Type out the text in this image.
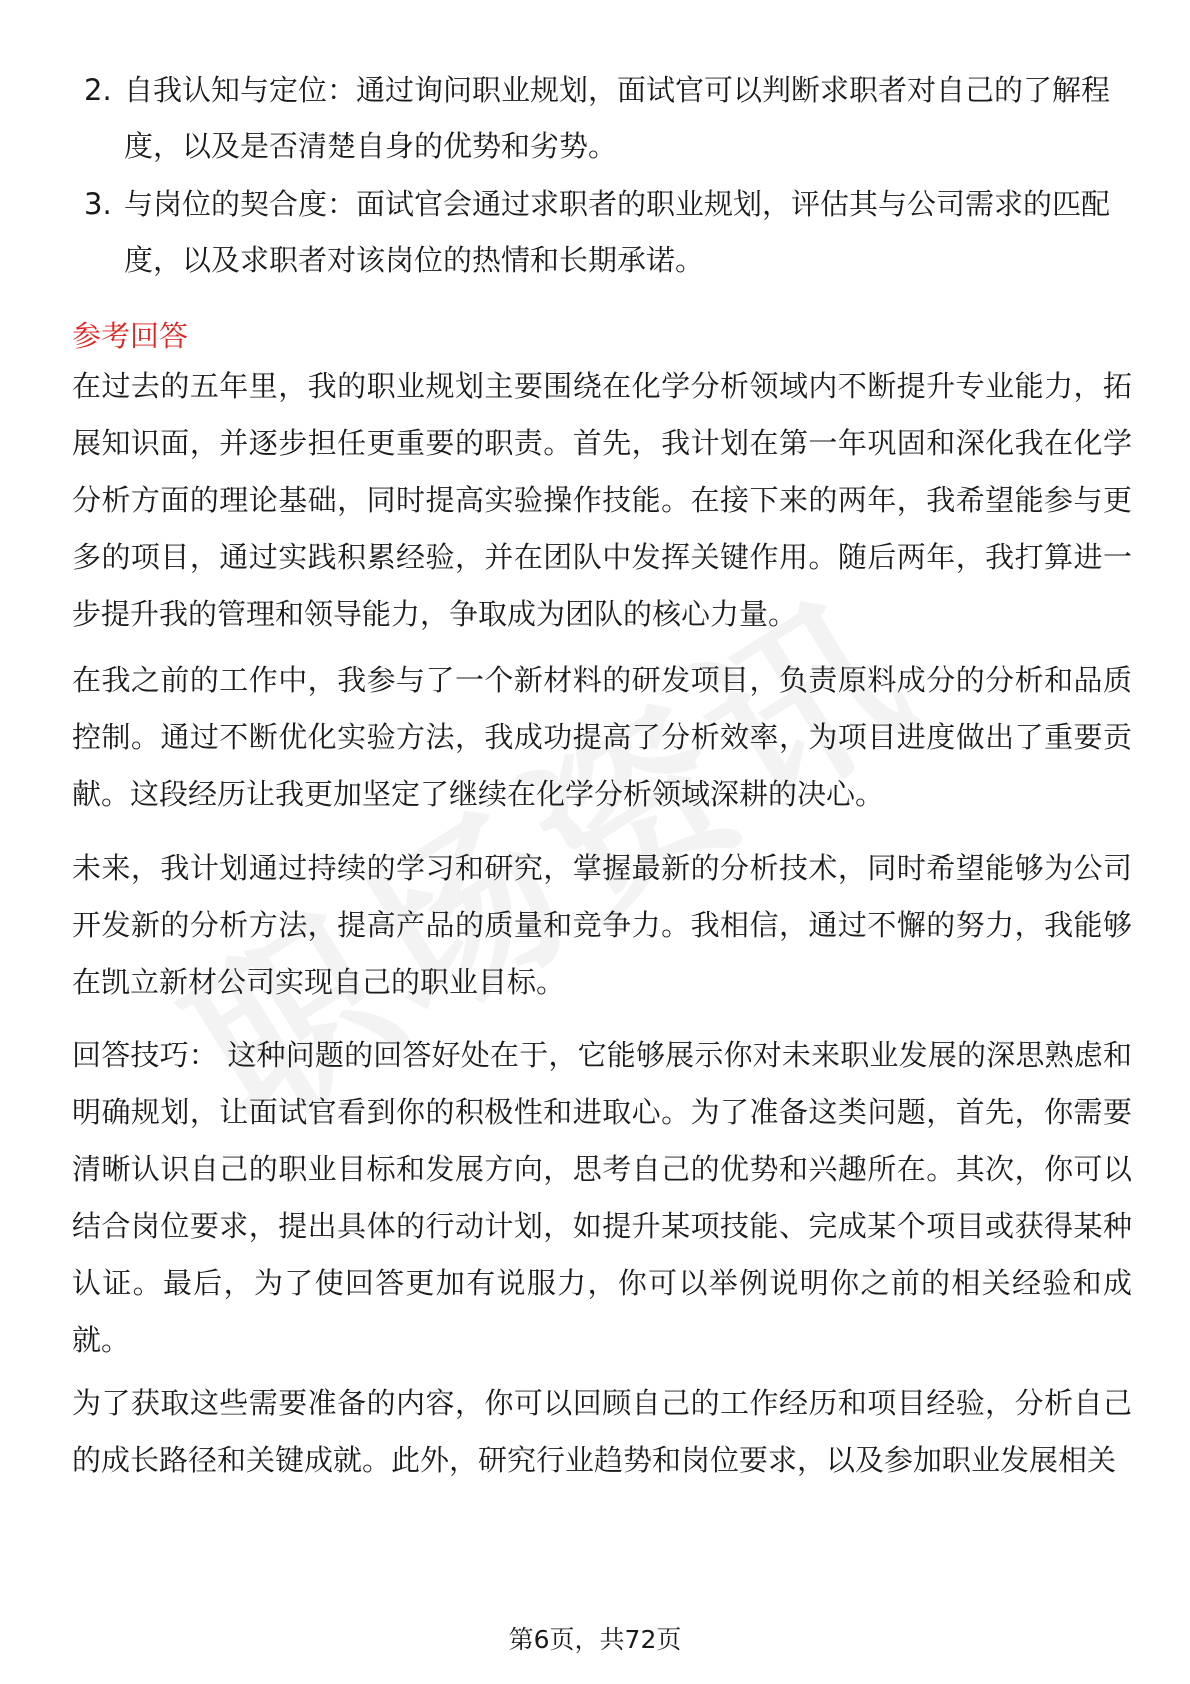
2. 自我认知与定位：通过询问职业规划，面试官可以判断求职者对自己的了解程度，以及是否清楚自身的优势和劣势。
3. 与岗位的契合度：面试官会通过求职者的职业规划，评估其与公司需求的匹配度，以及求职者对该岗位的热情和长期承诺。
参考回答

在过去的五年里，我的职业规划主要围绕在化学分析领域内不断提升专业能力，拓展知识面，并逐步担任更重要的职责。首先，我计划在第一年巩固和深化我在化学分析方面的理论基础，同时提高实验操作技能。在接下来的两年，我希望能参与更多的项目，通过实践积累经验，并在团队中发挥关键作用。随后两年，我打算进一步提升我的管理和领导能力，争取成为团队的核心力量。

在我之前的工作中，我参与了一个新材料的研发项目，负责原料成分的分析和品质控制。通过不断优化实验方法，我成功提高了分析效率，为项目进度做出了重要贡献。这段经历让我更加坚定了继续在化学分析领域深耕的决心。

未来，我计划通过持续的学习和研究，掌握最新的分析技术，同时希望能够为公司开发新的分析方法，提高产品的质量和竞争力。我相信，通过不懈的努力，我能够在凯立新材公司实现自己的职业目标。

回答技巧： 这种问题的回答好处在于，它能够展示你对未来职业发展的深思熟虑和明确规划，让面试官看到你的积极性和进取心。为了准备这类问题，首先，你需要清晰认识自己的职业目标和发展方向，思考自己的优势和兴趣所在。其次，你可以结合岗位要求，提出具体的行动计划，如提升某项技能、完成某个项目或获得某种认证。最后，为了使回答更加有说服力，你可以举例说明你之前的相关经验和成就。

为了获取这些需要准备的内容，你可以回顾自己的工作经历和项目经验，分析自己的成长路径和关键成就。此外，研究行业趋势和岗位要求，以及参加职业发展相关

第6页，共72页
